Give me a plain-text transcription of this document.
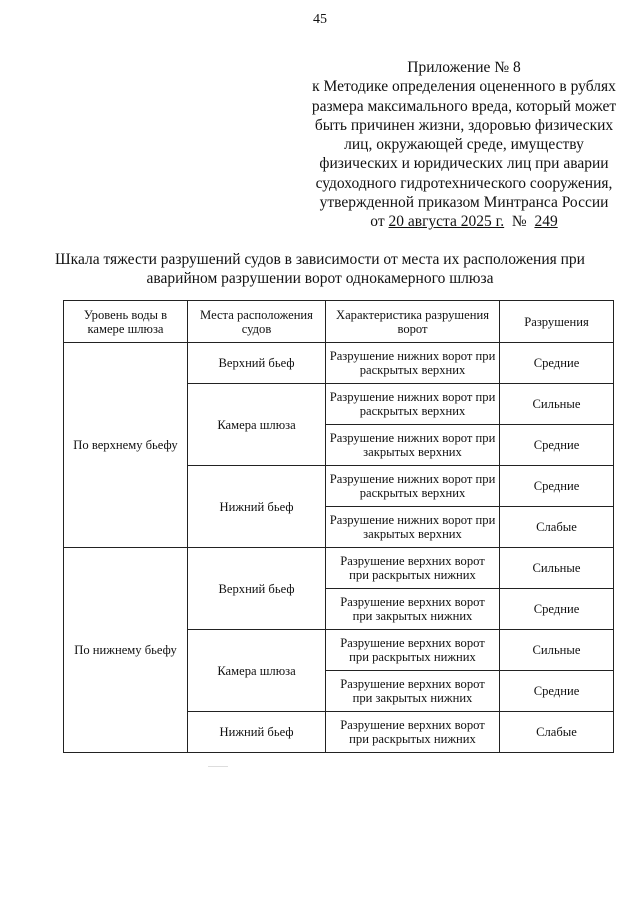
45
Приложение № 8
к Методике определения оцененного в рублях
размера максимального вреда, который может
быть причинен жизни, здоровью физических
лиц, окружающей среде, имуществу
физических и юридических лиц при аварии
судоходного гидротехнического сооружения,
утвержденной приказом Минтранса России
от 20 августа 2025 г. № 249
Шкала тяжести разрушений судов в зависимости от места их расположения при
аварийном разрушении ворот однокамерного шлюза
Уровень воды в камере шлюза	Места расположения судов	Характеристика разрушения ворот	Разрушения
По верхнему бьефу	Верхний бьеф	Разрушение нижних ворот при раскрытых верхних	Средние
	Камера шлюза	Разрушение нижних ворот при раскрытых верхних	Сильные
		Разрушение нижних ворот при закрытых верхних	Средние
	Нижний бьеф	Разрушение нижних ворот при раскрытых верхних	Средние
		Разрушение нижних ворот при закрытых верхних	Слабые
По нижнему бьефу	Верхний бьеф	Разрушение верхних ворот при раскрытых нижних	Сильные
		Разрушение верхних ворот при закрытых нижних	Средние
	Камера шлюза	Разрушение верхних ворот при раскрытых нижних	Сильные
		Разрушение верхних ворот при закрытых нижних	Средние
	Нижний бьеф	Разрушение верхних ворот при раскрытых нижних	Слабые
